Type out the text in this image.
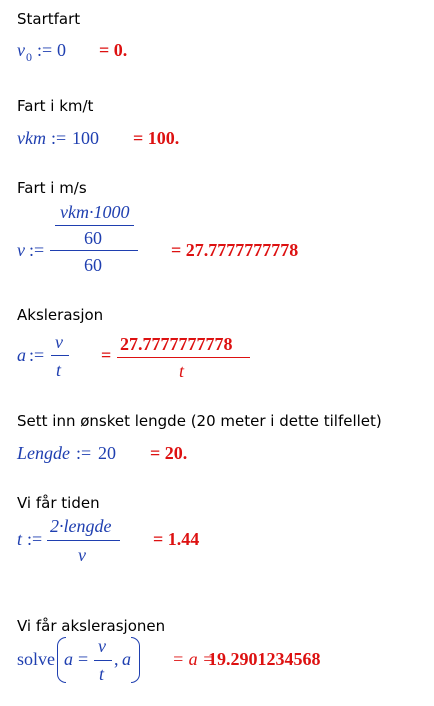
Startfart
v 0 := 0 = 0.
Fart i km/t
vkm := 100 = 100.
Fart i m/s
vkm·1000
60
60
v :=	= 27.7777777778
Akslerasjon
a :=
v
t
=
27.7777777778
t
Sett inn ønsket lengde (20 meter i dette tilfellet)
Lengde := 20 = 20.
Vi får tiden
t :=
2·lengde
v
= 1.44
Vi får akslerasjonen
solve a =
v
t
, a = a =
19.2901234568
